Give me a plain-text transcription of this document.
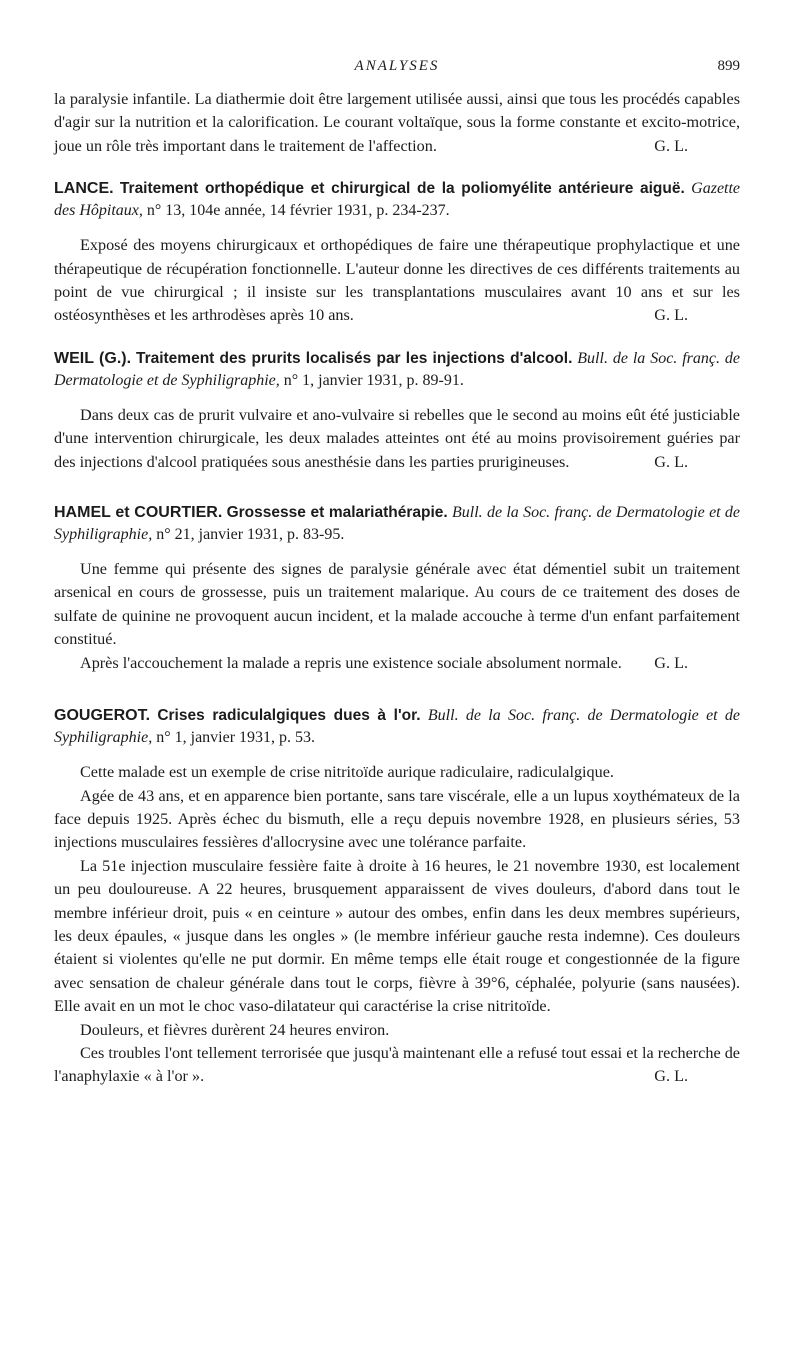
ANALYSES	899

la paralysie infantile. La diathermie doit être largement utilisée aussi, ainsi que tous les procédés capables d'agir sur la nutrition et la calorification. Le courant voltaïque, sous la forme constante et excito-motrice, joue un rôle très important dans le traitement de l'affection.	G. L.

LANCE. Traitement orthopédique et chirurgical de la poliomyélite antérieure aiguë. Gazette des Hôpitaux, n° 13, 104e année, 14 février 1931, p. 234-237.

Exposé des moyens chirurgicaux et orthopédiques de faire une thérapeutique prophylactique et une thérapeutique de récupération fonctionnelle. L'auteur donne les directives de ces différents traitements au point de vue chirurgical ; il insiste sur les transplantations musculaires avant 10 ans et sur les ostéosynthèses et les arthrodèses après 10 ans.	G. L.

WEIL (G.). Traitement des prurits localisés par les injections d'alcool. Bull. de la Soc. franç. de Dermatologie et de Syphiligraphie, n° 1, janvier 1931, p. 89-91.

Dans deux cas de prurit vulvaire et ano-vulvaire si rebelles que le second au moins eût été justiciable d'une intervention chirurgicale, les deux malades atteintes ont été au moins provisoirement guéries par des injections d'alcool pratiquées sous anesthésie dans les parties prurigineuses.	G. L.

HAMEL et COURTIER. Grossesse et malariathérapie. Bull. de la Soc. franç. de Dermatologie et de Syphiligraphie, n° 21, janvier 1931, p. 83-95.

Une femme qui présente des signes de paralysie générale avec état démentiel subit un traitement arsenical en cours de grossesse, puis un traitement malarique. Au cours de ce traitement des doses de sulfate de quinine ne provoquent aucun incident, et la malade accouche à terme d'un enfant parfaitement constitué.

Après l'accouchement la malade a repris une existence sociale absolument normale.	G. L.

GOUGEROT. Crises radiculalgiques dues à l'or. Bull. de la Soc. franç. de Dermatologie et de Syphiligraphie, n° 1, janvier 1931, p. 53.

Cette malade est un exemple de crise nitritoïde aurique radiculaire, radiculalgique.

Agée de 43 ans, et en apparence bien portante, sans tare viscérale, elle a un lupus xoythémateux de la face depuis 1925. Après échec du bismuth, elle a reçu depuis novembre 1928, en plusieurs séries, 53 injections musculaires fessières d'allocrysine avec une tolérance parfaite.

La 51e injection musculaire fessière faite à droite à 16 heures, le 21 novembre 1930, est localement un peu douloureuse. A 22 heures, brusquement apparaissent de vives douleurs, d'abord dans tout le membre inférieur droit, puis « en ceinture » autour des ombes, enfin dans les deux membres supérieurs, les deux épaules, « jusque dans les ongles » (le membre inférieur gauche resta indemne). Ces douleurs étaient si violentes qu'elle ne put dormir. En même temps elle était rouge et congestionnée de la figure avec sensation de chaleur générale dans tout le corps, fièvre à 39°6, céphalée, polyurie (sans nausées). Elle avait en un mot le choc vaso-dilatateur qui caractérise la crise nitritoïde.

Douleurs, et fièvres durèrent 24 heures environ.

Ces troubles l'ont tellement terrorisée que jusqu'à maintenant elle a refusé tout essai et la recherche de l'anaphylaxie « à l'or ».	G. L.
